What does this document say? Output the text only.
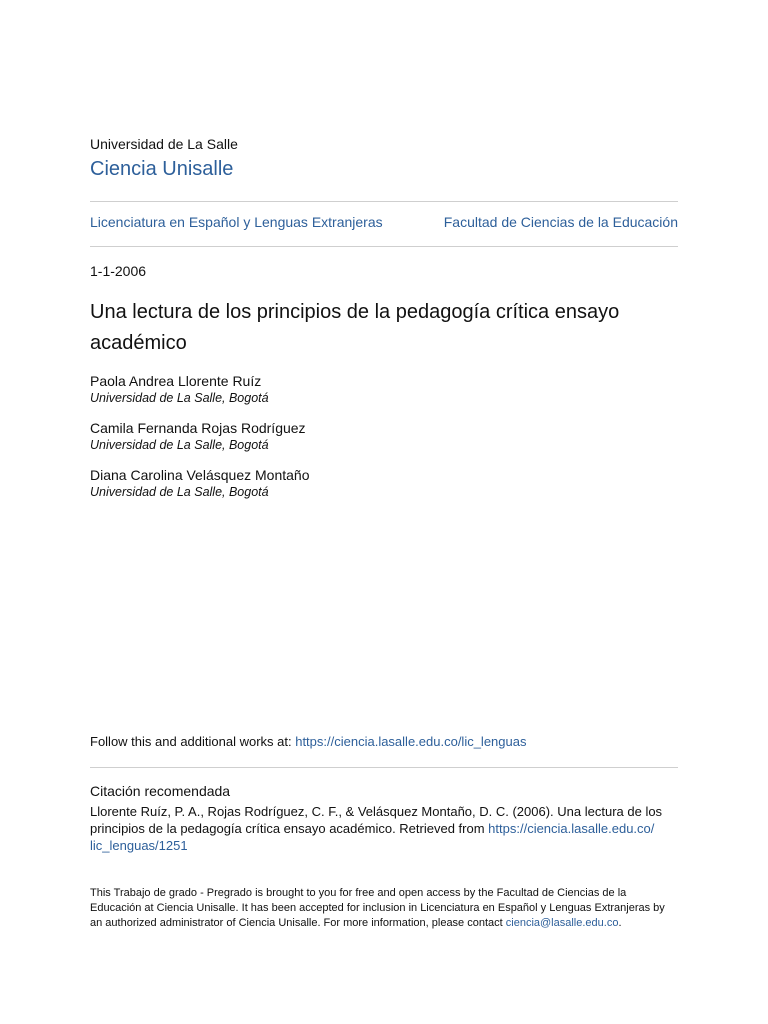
Universidad de La Salle
Ciencia Unisalle
Licenciatura en Español y Lenguas Extranjeras	Facultad de Ciencias de la Educación
1-1-2006
Una lectura de los principios de la pedagogía crítica ensayo académico
Paola Andrea Llorente Ruíz
Universidad de La Salle, Bogotá
Camila Fernanda Rojas Rodríguez
Universidad de La Salle, Bogotá
Diana Carolina Velásquez Montaño
Universidad de La Salle, Bogotá
Follow this and additional works at: https://ciencia.lasalle.edu.co/lic_lenguas
Citación recomendada
Llorente Ruíz, P. A., Rojas Rodríguez, C. F., & Velásquez Montaño, D. C. (2006). Una lectura de los principios de la pedagogía crítica ensayo académico. Retrieved from https://ciencia.lasalle.edu.co/
lic_lenguas/1251
This Trabajo de grado - Pregrado is brought to you for free and open access by the Facultad de Ciencias de la Educación at Ciencia Unisalle. It has been accepted for inclusion in Licenciatura en Español y Lenguas Extranjeras by an authorized administrator of Ciencia Unisalle. For more information, please contact ciencia@lasalle.edu.co.
